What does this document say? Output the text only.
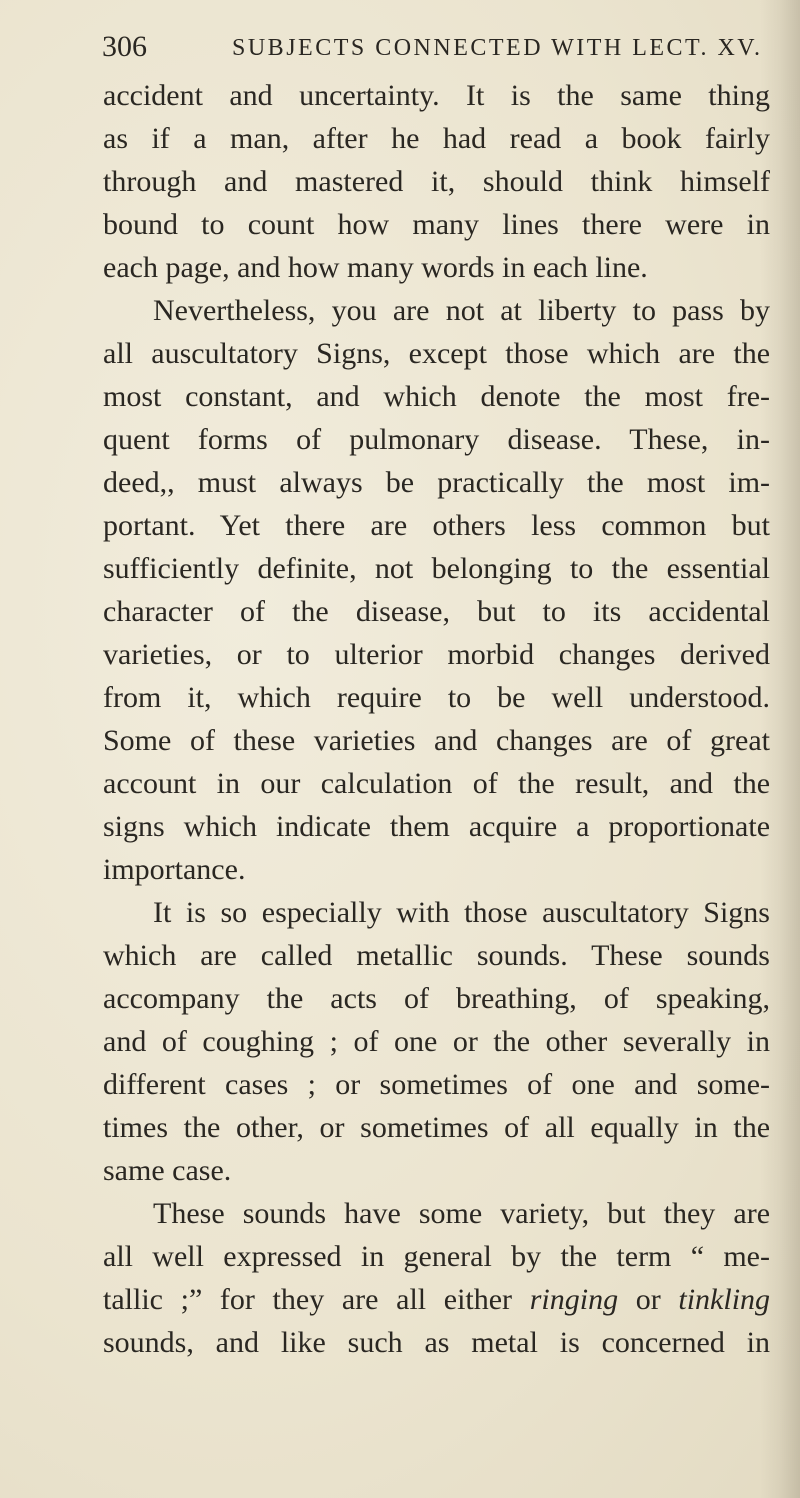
306	SUBJECTS CONNECTED WITH LECT. XV.
accident and uncertainty. It is the same thing
as if a man, after he had read a book fairly
through and mastered it, should think himself
bound to count how many lines there were in
each page, and how many words in each line.
Nevertheless, you are not at liberty to pass by
all auscultatory Signs, except those which are the
most constant, and which denote the most fre-
quent forms of pulmonary disease. These, in-
deed,, must always be practically the most im-
portant. Yet there are others less common but
sufficiently definite, not belonging to the essential
character of the disease, but to its accidental
varieties, or to ulterior morbid changes derived
from it, which require to be well understood.
Some of these varieties and changes are of great
account in our calculation of the result, and the
signs which indicate them acquire a proportionate
importance.
It is so especially with those auscultatory Signs
which are called metallic sounds. These sounds
accompany the acts of breathing, of speaking,
and of coughing ; of one or the other severally in
different cases ; or sometimes of one and some-
times the other, or sometimes of all equally in the
same case.
These sounds have some variety, but they are
all well expressed in general by the term “ me-
tallic ;” for they are all either ringing or tinkling
sounds, and like such as metal is concerned in
